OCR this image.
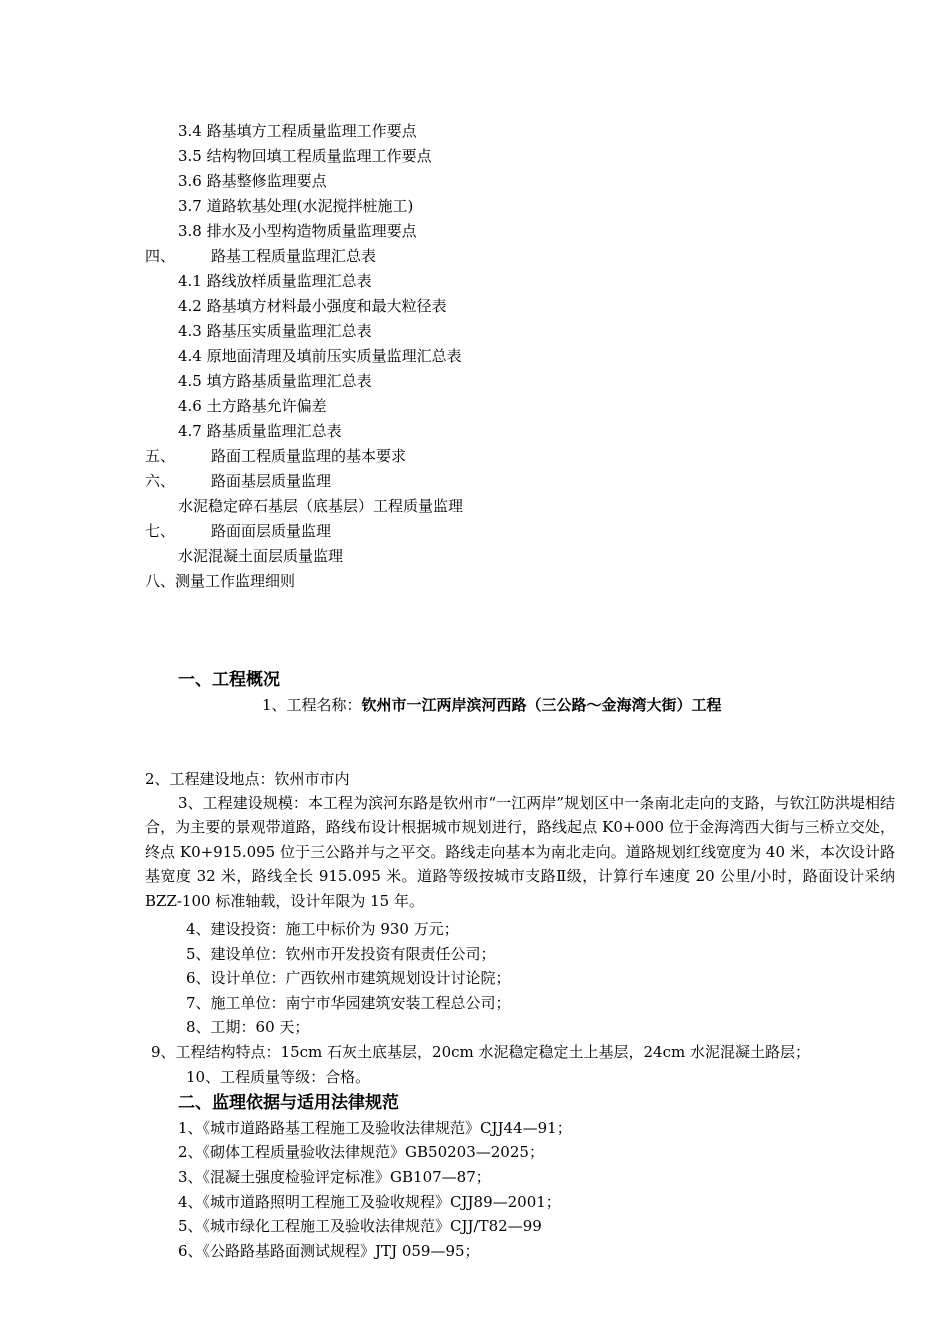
3.4 路基填方工程质量监理工作要点
3.5 结构物回填工程质量监理工作要点
3.6 路基整修监理要点
3.7 道路软基处理(水泥搅拌桩施工)
3.8 排水及小型构造物质量监理要点
四、 路基工程质量监理汇总表
4.1 路线放样质量监理汇总表
4.2 路基填方材料最小强度和最大粒径表
4.3 路基压实质量监理汇总表
4.4 原地面清理及填前压实质量监理汇总表
4.5 填方路基质量监理汇总表
4.6 土方路基允许偏差
4.7 路基质量监理汇总表
五、 路面工程质量监理的基本要求
六、 路面基层质量监理
水泥稳定碎石基层（底基层）工程质量监理
七、 路面面层质量监理
水泥混凝土面层质量监理
八、测量工作监理细则
一、工程概况
1、工程名称：钦州市一江两岸滨河西路（三公路～金海湾大街）工程
2、工程建设地点：钦州市市内

3、工程建设规模：本工程为滨河东路是钦州市“一江两岸”规划区中一条南北走向的支路，与钦江防洪堤相结合，为主要的景观带道路，路线布设计根据城市规划进行，路线起点 K0+000 位于金海湾西大街与三桥立交处，终点 K0+915.095 位于三公路并与之平交。路线走向基本为南北走向。道路规划红线宽度为 40 米，本次设计路基宽度 32 米，路线全长 915.095 米。道路等级按城市支路Ⅱ级，计算行车速度 20 公里/小时，路面设计采纳 BZZ-100 标准轴载，设计年限为 15 年。

4、建设投资：施工中标价为 930 万元；
5、建设单位：钦州市开发投资有限责任公司；
6、设计单位：广西钦州市建筑规划设计讨论院；
7、施工单位：南宁市华园建筑安装工程总公司；
8、工期：60 天；
9、工程结构特点：15cm 石灰土底基层，20cm 水泥稳定稳定土上基层，24cm 水泥混凝土路层；
10、工程质量等级：合格。
二、监理依据与适用法律规范
1、《城市道路路基工程施工及验收法律规范》CJJ44—91；
2、《砌体工程质量验收法律规范》GB50203—2025；
3、《混凝土强度检验评定标准》GB107—87；
4、《城市道路照明工程施工及验收规程》CJJ89—2001；
5、《城市绿化工程施工及验收法律规范》CJJ/T82—99
6、《公路路基路面测试规程》JTJ 059—95；
